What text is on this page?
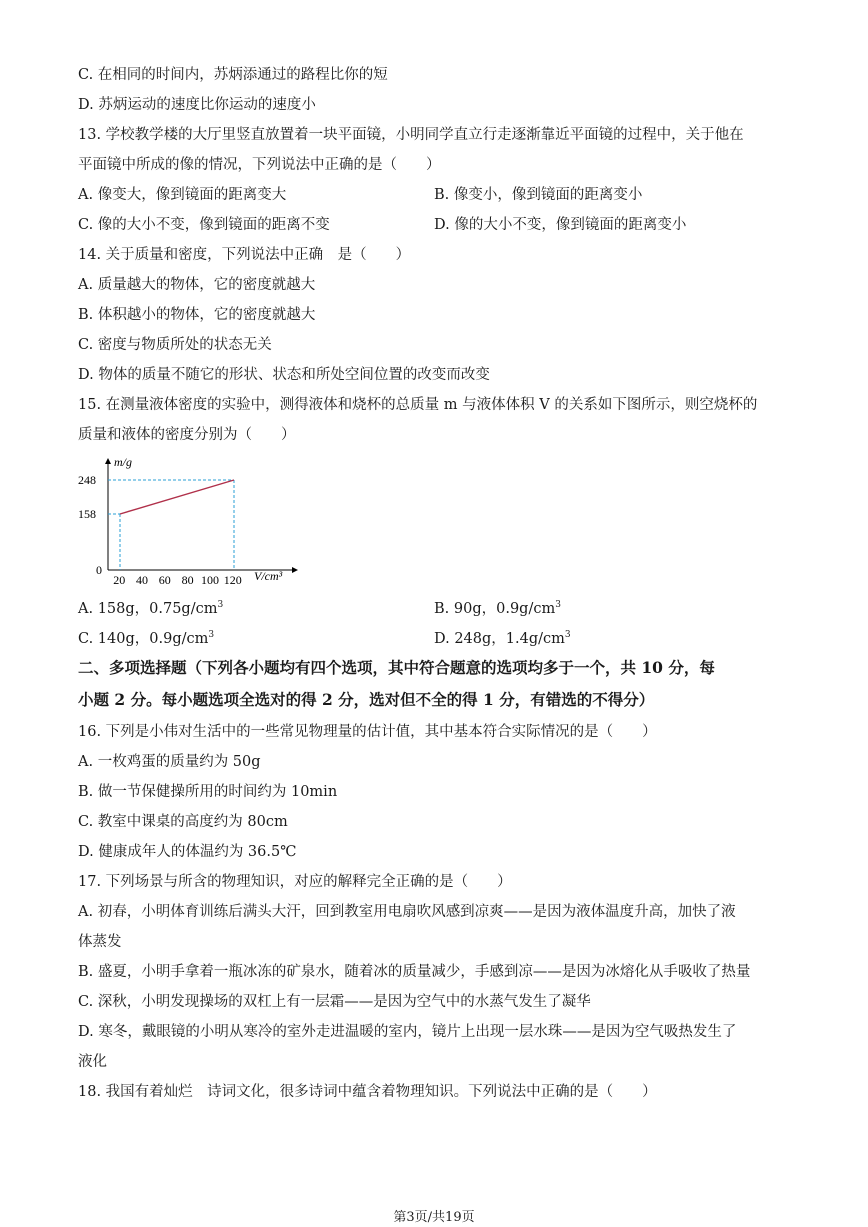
C. 在相同的时间内，苏炳添通过的路程比你的短
D. 苏炳运动的速度比你运动的速度小
13. 学校教学楼的大厅里竖直放置着一块平面镜，小明同学直立行走逐渐靠近平面镜的过程中，关于他在
平面镜中所成的像的情况，下列说法中正确的是（　　）
A. 像变大，像到镜面的距离变大	B. 像变小，像到镜面的距离变小
C. 像的大小不变，像到镜面的距离不变	D. 像的大小不变，像到镜面的距离变小
14. 关于质量和密度，下列说法中正确　是（　　）
A. 质量越大的物体，它的密度就越大
B. 体积越小的物体，它的密度就越大
C. 密度与物质所处的状态无关
D. 物体的质量不随它的形状、状态和所处空间位置的改变而改变
15. 在测量液体密度的实验中，测得液体和烧杯的总质量 m 与液体体积 V 的关系如下图所示，则空烧杯的
质量和液体的密度分别为（　　）
m/g
V/cm³
0
20 40 60 80 100 120
158
248
A. 158g，$0.75g/cm^3$	B. 90g，$0.9g/cm^3$
C. 140g，$0.9g/cm^3$	D. 248g，$1.4g/cm^3$
二、多项选择题（下列各小题均有四个选项，其中符合题意的选项均多于一个，共 10 分，每
小题 2 分。每小题选项全选对的得 2 分，选对但不全的得 1 分，有错选的不得分）
16. 下列是小伟对生活中的一些常见物理量的估计值，其中基本符合实际情况的是（　　）
A. 一枚鸡蛋的质量约为 50g
B. 做一节保健操所用的时间约为 10min
C. 教室中课桌的高度约为 80cm
D. 健康成年人的体温约为 36.5℃
17. 下列场景与所含的物理知识，对应的解释完全正确的是（　　）
A. 初春，小明体育训练后满头大汗，回到教室用电扇吹风感到凉爽——是因为液体温度升高，加快了液
体蒸发
B. 盛夏，小明手拿着一瓶冰冻的矿泉水，随着冰的质量减少，手感到凉——是因为冰熔化从手吸收了热量
C. 深秋，小明发现操场的双杠上有一层霜——是因为空气中的水蒸气发生了凝华
D. 寒冬，戴眼镜的小明从寒冷的室外走进温暖的室内，镜片上出现一层水珠——是因为空气吸热发生了
液化
18. 我国有着灿烂　诗词文化，很多诗词中蕴含着物理知识。下列说法中正确的是（　　）
第3页/共19页
